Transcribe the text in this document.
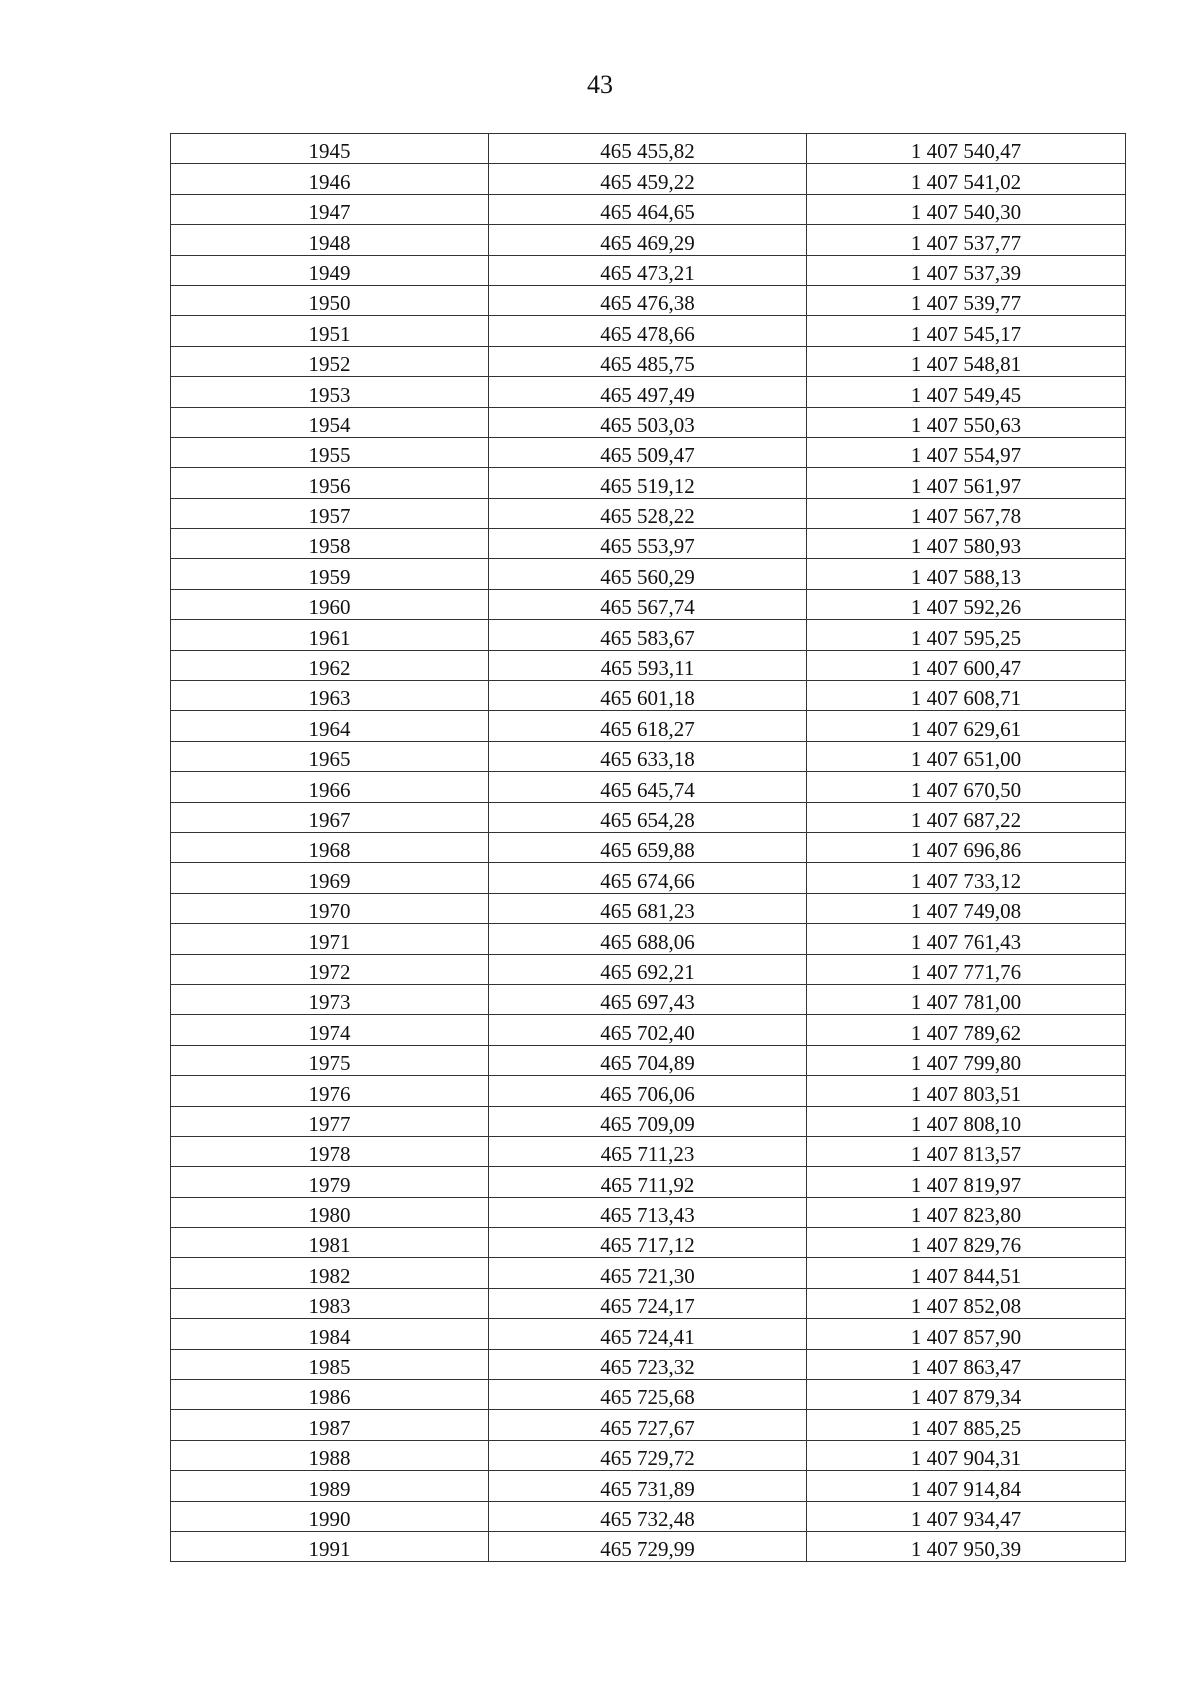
43
1945	465 455,82	1 407 540,47
1946	465 459,22	1 407 541,02
1947	465 464,65	1 407 540,30
1948	465 469,29	1 407 537,77
1949	465 473,21	1 407 537,39
1950	465 476,38	1 407 539,77
1951	465 478,66	1 407 545,17
1952	465 485,75	1 407 548,81
1953	465 497,49	1 407 549,45
1954	465 503,03	1 407 550,63
1955	465 509,47	1 407 554,97
1956	465 519,12	1 407 561,97
1957	465 528,22	1 407 567,78
1958	465 553,97	1 407 580,93
1959	465 560,29	1 407 588,13
1960	465 567,74	1 407 592,26
1961	465 583,67	1 407 595,25
1962	465 593,11	1 407 600,47
1963	465 601,18	1 407 608,71
1964	465 618,27	1 407 629,61
1965	465 633,18	1 407 651,00
1966	465 645,74	1 407 670,50
1967	465 654,28	1 407 687,22
1968	465 659,88	1 407 696,86
1969	465 674,66	1 407 733,12
1970	465 681,23	1 407 749,08
1971	465 688,06	1 407 761,43
1972	465 692,21	1 407 771,76
1973	465 697,43	1 407 781,00
1974	465 702,40	1 407 789,62
1975	465 704,89	1 407 799,80
1976	465 706,06	1 407 803,51
1977	465 709,09	1 407 808,10
1978	465 711,23	1 407 813,57
1979	465 711,92	1 407 819,97
1980	465 713,43	1 407 823,80
1981	465 717,12	1 407 829,76
1982	465 721,30	1 407 844,51
1983	465 724,17	1 407 852,08
1984	465 724,41	1 407 857,90
1985	465 723,32	1 407 863,47
1986	465 725,68	1 407 879,34
1987	465 727,67	1 407 885,25
1988	465 729,72	1 407 904,31
1989	465 731,89	1 407 914,84
1990	465 732,48	1 407 934,47
1991	465 729,99	1 407 950,39
